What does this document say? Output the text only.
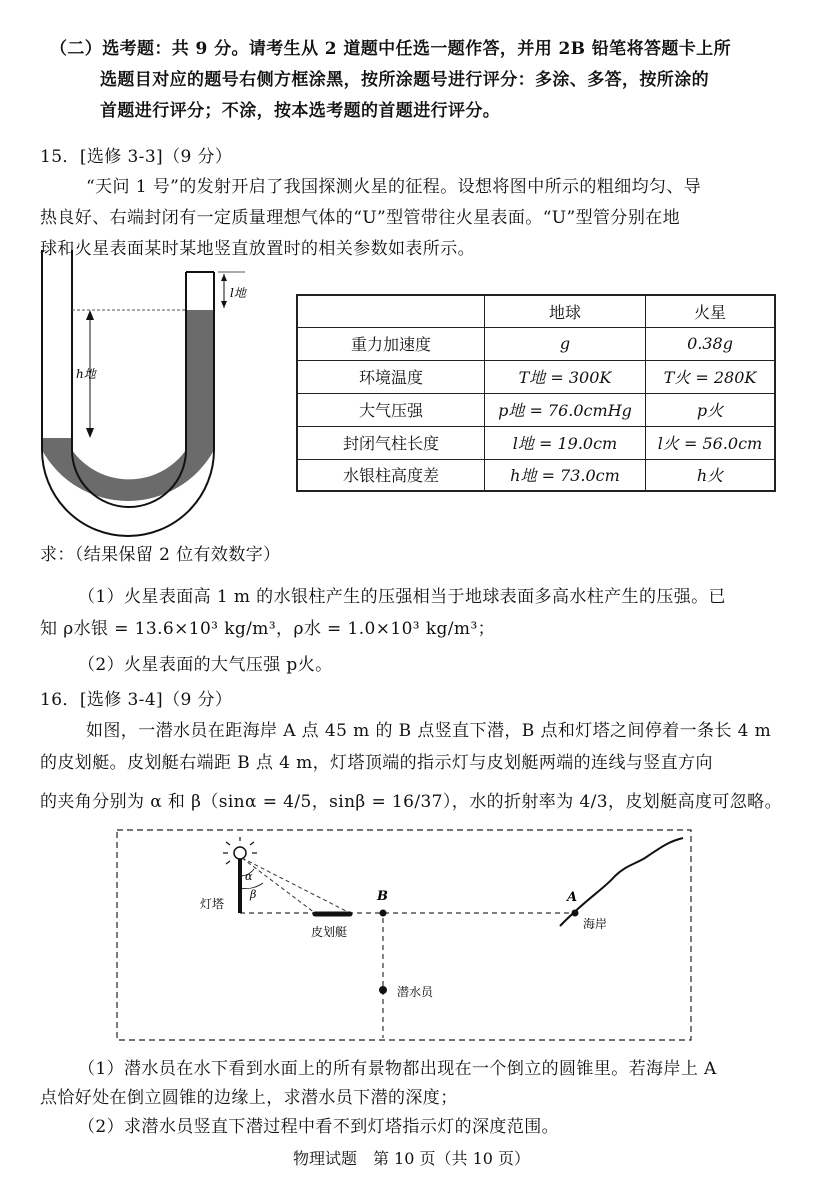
（二）选考题：共 9 分。请考生从 2 道题中任选一题作答，并用 2B 铅笔将答题卡上所
选题目对应的题号右侧方框涂黑，按所涂题号进行评分：多涂、多答，按所涂的
首题进行评分；不涂，按本选考题的首题进行评分。
15．[选修 3-3]（9 分）
“天问 1 号”的发射开启了我国探测火星的征程。设想将图中所示的粗细均匀、导
热良好、右端封闭有一定质量理想气体的“U”型管带往火星表面。“U”型管分别在地
球和火星表面某时某地竖直放置时的相关参数如表所示。
h地
l地
	地球	火星
重力加速度	g	0.38g
环境温度	T地 = 300K	T火 = 280K
大气压强	p地 = 76.0cmHg	p火
封闭气柱长度	l地 = 19.0cm	l火 = 56.0cm
水银柱高度差	h地 = 73.0cm	h火
求：（结果保留 2 位有效数字）
（1）火星表面高 1 m 的水银柱产生的压强相当于地球表面多高水柱产生的压强。已
知 ρ水银 = 13.6×10³ kg/m³，ρ水 = 1.0×10³ kg/m³；
（2）火星表面的大气压强 p火。
16．[选修 3-4]（9 分）
如图，一潜水员在距海岸 A 点 45 m 的 B 点竖直下潜，B 点和灯塔之间停着一条长 4 m
的皮划艇。皮划艇右端距 B 点 4 m，灯塔顶端的指示灯与皮划艇两端的连线与竖直方向
的夹角分别为 α 和 β（sinα = 4/5，sinβ = 16/37），水的折射率为 4/3，皮划艇高度可忽略。
α
β
皮划艇
灯塔	B
潜水员
A
海岸
（1）潜水员在水下看到水面上的所有景物都出现在一个倒立的圆锥里。若海岸上 A
点恰好处在倒立圆锥的边缘上，求潜水员下潜的深度；
（2）求潜水员竖直下潜过程中看不到灯塔指示灯的深度范围。
物理试题　第 10 页（共 10 页）
